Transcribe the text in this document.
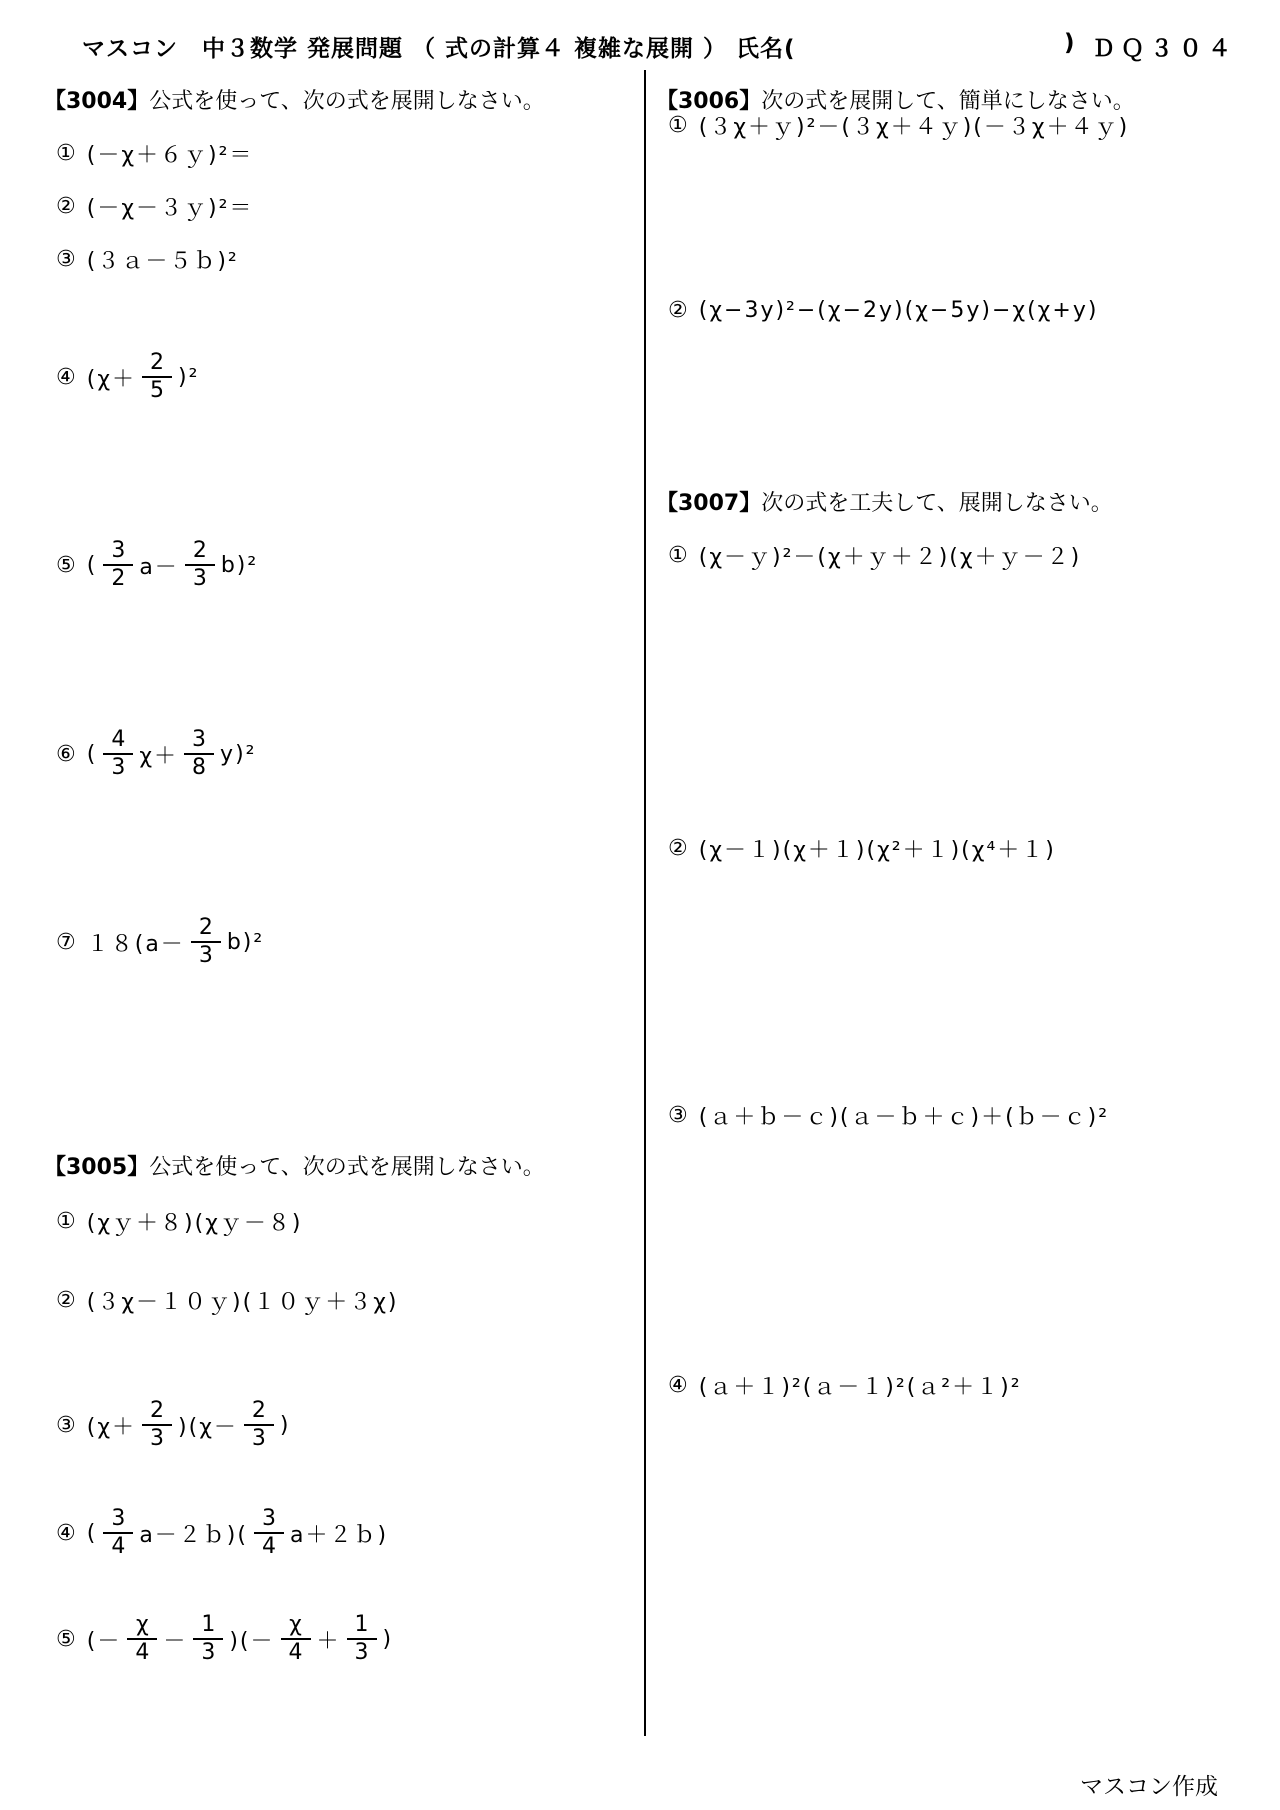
マスコン　中３数学 発展問題 （ 式の計算４ 複雑な展開 ） 氏名(	) ＤＱ３０４
【3004】公式を使って、次の式を展開しなさい。
①
(－χ＋６ｙ)²＝
②
(－χ－３ｙ)²＝
③
(３ａ－５ｂ)²
④
$(\chi+ \frac{2}{5} )^2$
⑤
( $\frac{3}{2} a- \frac{2}{3} b)^2$
⑥
( $\frac{4}{3} \chi+ \frac{3}{8} y)^2$
⑦
$18(a- \frac{2}{3} b)^2$
【3005】公式を使って、次の式を展開しなさい。
①
(χｙ＋８)(χｙ－８)
②
(３χ－１０ｙ)(１０ｙ＋３χ)
③
$(\chi+ \frac{2}{3} )(\chi- \frac{2}{3}$ )
④
( $\frac{3}{4}$ a－２ｂ)( $\frac{3}{4}$ a＋２ｂ)
⑤
(－ $\frac{\chi}{4} - \frac{1}{3}$ )(－ $\frac{\chi}{4} + \frac{1}{3}$ )
【3006】次の式を展開して、簡単にしなさい。
①
(３χ＋ｙ)²－(３χ＋４ｙ)(－３χ＋４ｙ)
②
(χ−3y)²−(χ−2y)(χ−5y)−χ(χ+y)
【3007】次の式を工夫して、展開しなさい。
①
(χ－ｙ)²－(χ＋ｙ＋２)(χ＋ｙ－２)
②
(χ－１)(χ＋１)(χ²＋１)(χ⁴＋１)
③
(ａ＋ｂ－ｃ)(ａ－ｂ＋ｃ)＋(ｂ－ｃ)²
④
(ａ＋１)²(ａ－１)²(ａ²＋１)²
マスコン作成
